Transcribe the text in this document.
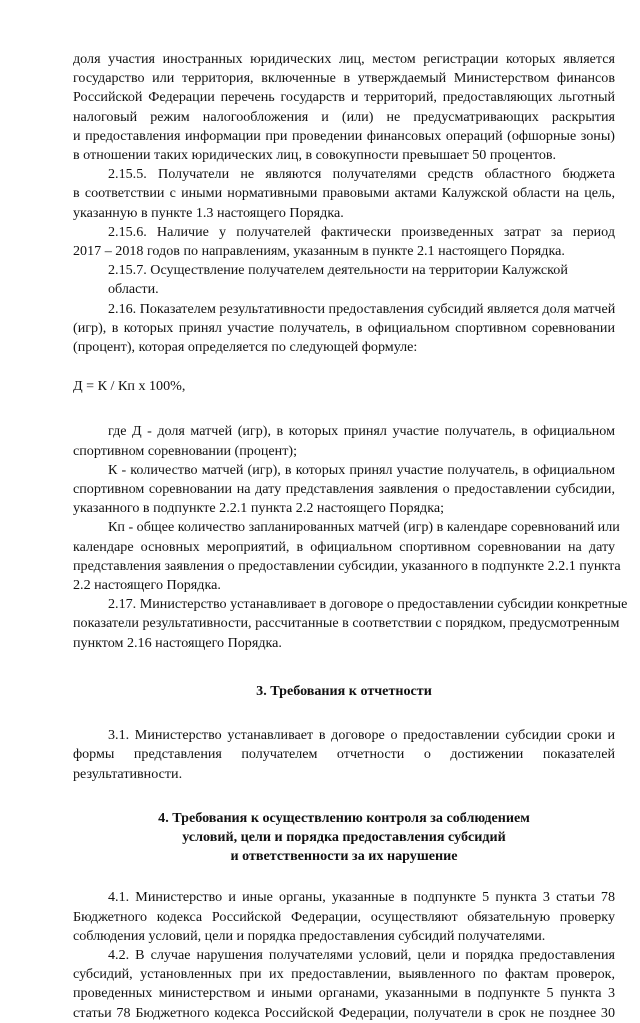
доля участия иностранных юридических лиц, местом регистрации которых является
государство или территория, включенные в утверждаемый Министерством финансов
Российской Федерации перечень государств и территорий, предоставляющих льготный
налоговый режим налогообложения и (или) не предусматривающих раскрытия
и предоставления информации при проведении финансовых операций (офшорные зоны)
в отношении таких юридических лиц, в совокупности превышает 50 процентов.
2.15.5. Получатели не являются получателями средств областного бюджета
в соответствии с иными нормативными правовыми актами Калужской области на цель,
указанную в пункте 1.3 настоящего Порядка.
2.15.6. Наличие у получателей фактически произведенных затрат за период
2017 – 2018 годов по направлениям, указанным в пункте 2.1 настоящего Порядка.
2.15.7. Осуществление получателем деятельности на территории Калужской области.
2.16. Показателем результативности предоставления субсидий является доля матчей
(игр), в которых принял участие получатель, в официальном спортивном соревновании
(процент), которая определяется по следующей формуле:
Д = К / Кп х 100%,
где Д - доля матчей (игр), в которых принял участие получатель, в официальном
спортивном соревновании (процент);
К - количество матчей (игр), в которых принял участие получатель, в официальном
спортивном соревновании на дату представления заявления о предоставлении субсидии,
указанного в подпункте 2.2.1 пункта 2.2 настоящего Порядка;
Кп - общее количество запланированных матчей (игр) в календаре соревнований или
календаре основных мероприятий, в официальном спортивном соревновании на дату
представления заявления о предоставлении субсидии, указанного в подпункте 2.2.1 пункта
2.2 настоящего Порядка.
2.17. Министерство устанавливает в договоре о предоставлении субсидии конкретные
показатели результативности, рассчитанные в соответствии с порядком, предусмотренным
пунктом 2.16 настоящего Порядка.
3. Требования к отчетности
3.1. Министерство устанавливает в договоре о предоставлении субсидии сроки и
формы представления получателем отчетности о достижении показателей
результативности.
4. Требования к осуществлению контроля за соблюдением
условий, цели и порядка предоставления субсидий
и ответственности за их нарушение
4.1. Министерство и иные органы, указанные в подпункте 5 пункта 3 статьи 78
Бюджетного кодекса Российской Федерации, осуществляют обязательную проверку
соблюдения условий, цели и порядка предоставления субсидий получателями.
4.2. В случае нарушения получателями условий, цели и порядка предоставления
субсидий, установленных при их предоставлении, выявленного по фактам проверок,
проведенных министерством и иными органами, указанными в подпункте 5 пункта 3
статьи 78 Бюджетного кодекса Российской Федерации, получатели в срок не позднее 30
